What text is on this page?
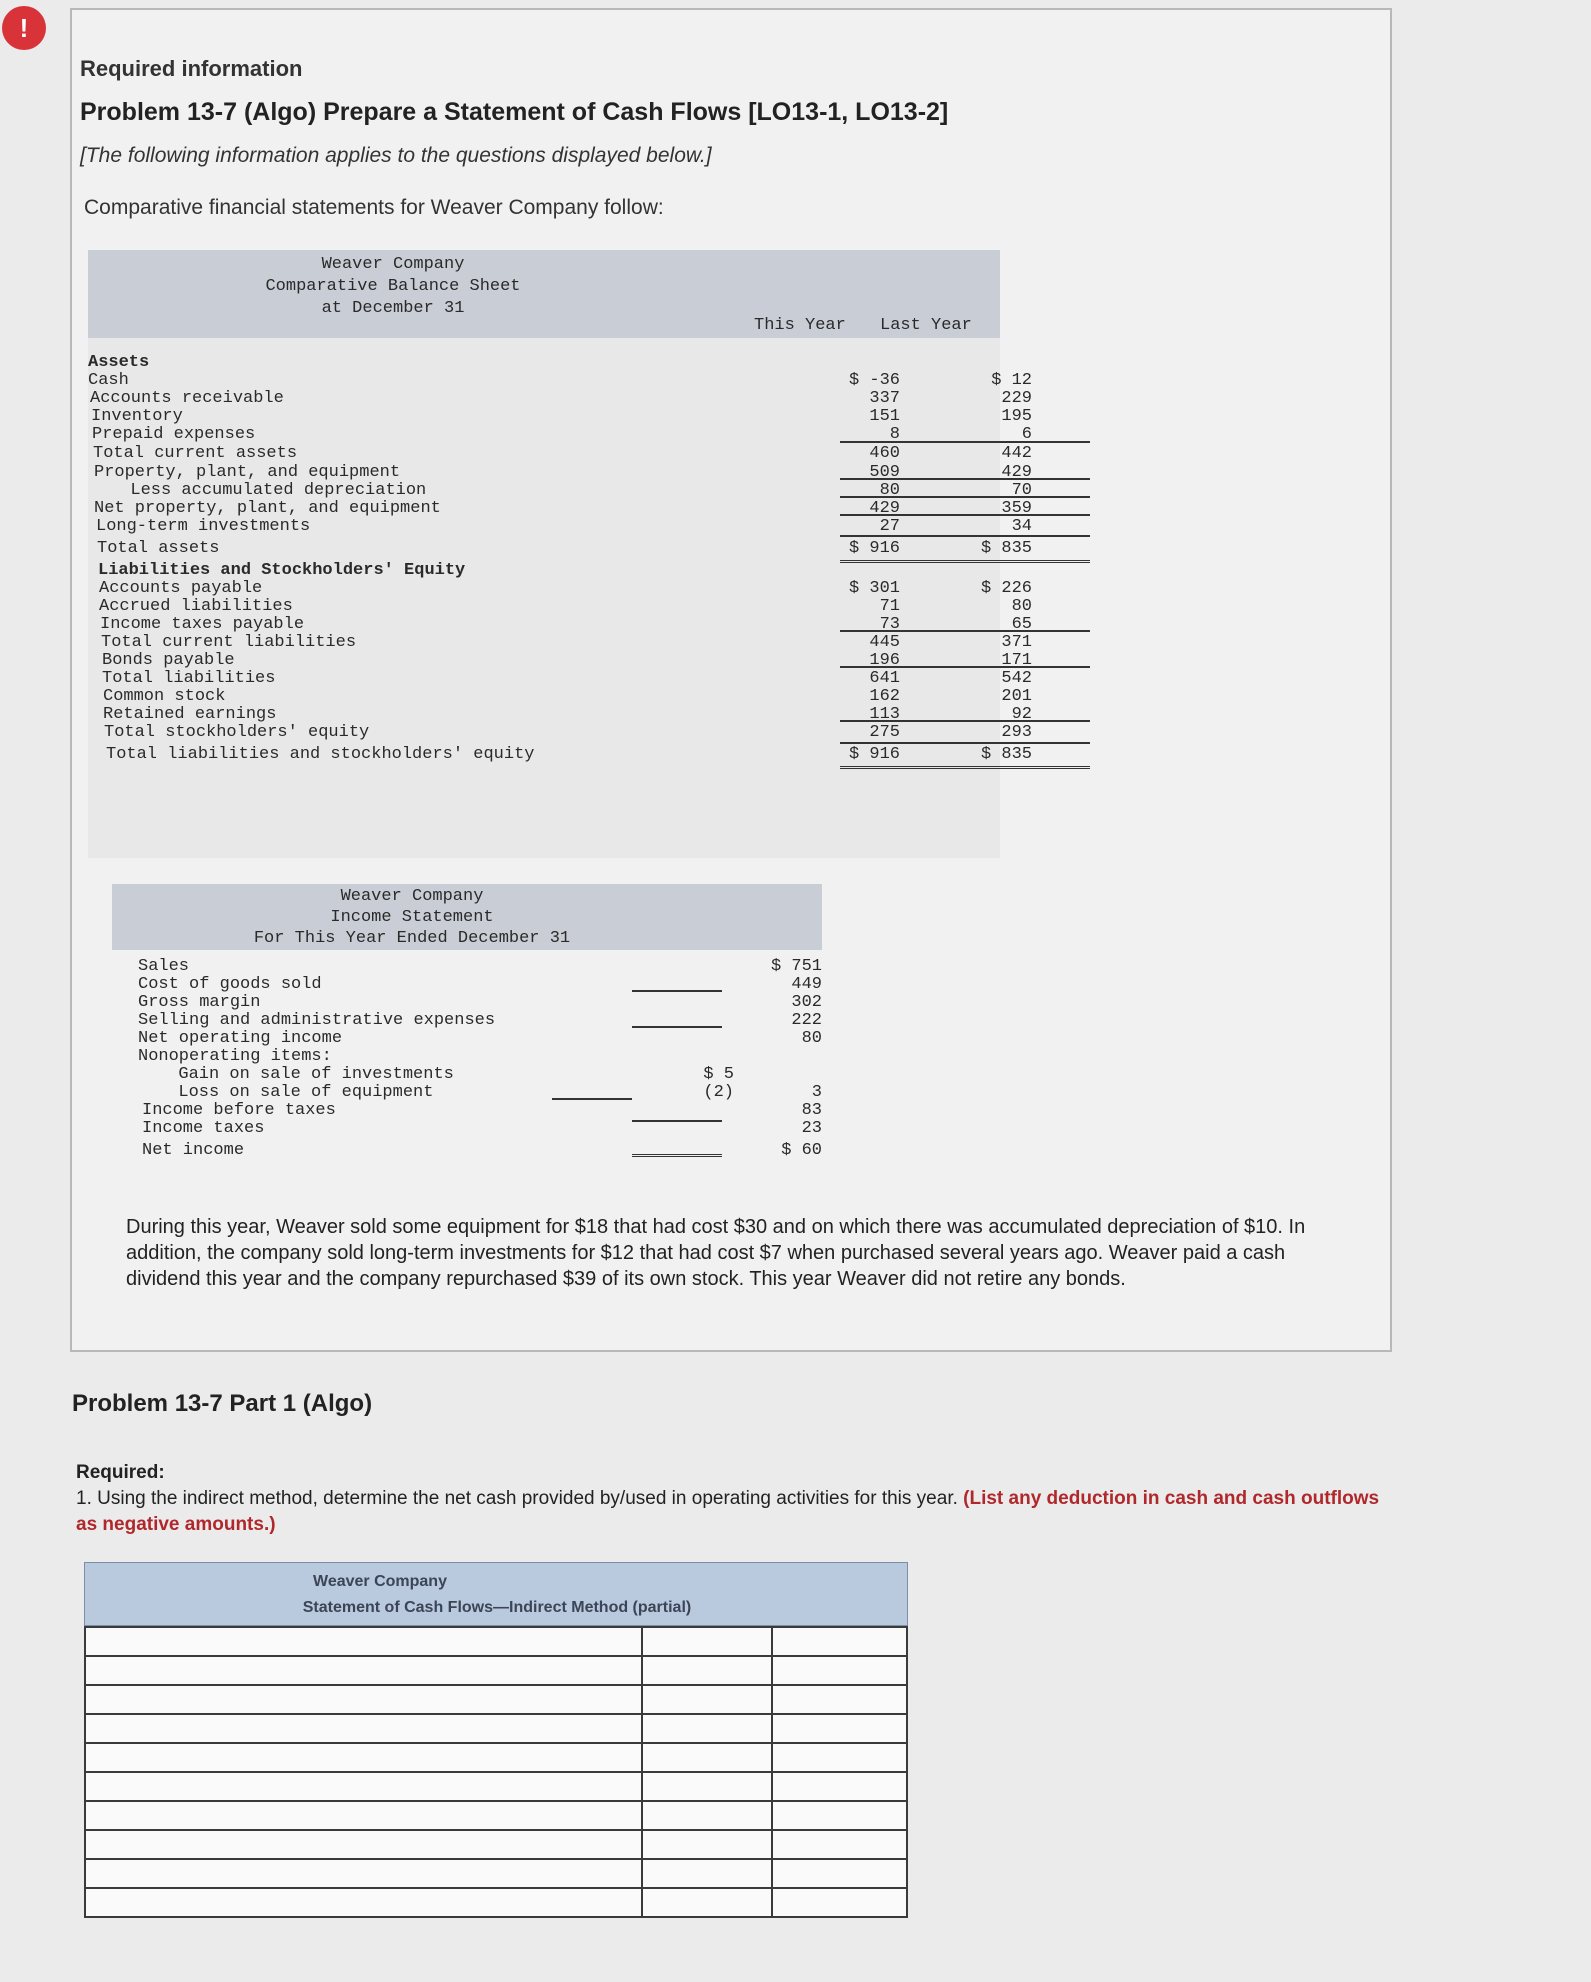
!
Required information
Problem 13-7 (Algo) Prepare a Statement of Cash Flows [LO13-1, LO13-2]
[The following information applies to the questions displayed below.]
Comparative financial statements for Weaver Company follow:
Weaver Company
Comparative Balance Sheet
at December 31
This Year Last Year
Assets
Cash	$ -36	$ 12
Accounts receivable	337	229
Inventory	151	195
Prepaid expenses	8	6
Total current assets	460	442
Property, plant, and equipment	509	429
Less accumulated depreciation	80	70
Net property, plant, and equipment	429	359
Long-term investments	27	34
Total assets	$ 916	$ 835
Liabilities and Stockholders' Equity
Accounts payable	$ 301	$ 226
Accrued liabilities	71	80
Income taxes payable	73	65
Total current liabilities	445	371
Bonds payable	196	171
Total liabilities	641	542
Common stock	162	201
Retained earnings	113	92
Total stockholders' equity	275	293
Total liabilities and stockholders' equity	$ 916	$ 835
Weaver Company
Income Statement
For This Year Ended December 31
Sales	$ 751
Cost of goods sold	449
Gross margin	302
Selling and administrative expenses	222
Net operating income	80
Nonoperating items:
Gain on sale of investments	$ 5
Loss on sale of equipment	(2)	3
Income before taxes	83
Income taxes	23
Net income	$ 60
During this year, Weaver sold some equipment for $18 that had cost $30 and on which there was accumulated depreciation of $10. In addition, the company sold long-term investments for $12 that had cost $7 when purchased several years ago. Weaver paid a cash dividend this year and the company repurchased $39 of its own stock. This year Weaver did not retire any bonds.
Problem 13-7 Part 1 (Algo)
Required:
1. Using the indirect method, determine the net cash provided by/used in operating activities for this year. (List any deduction in cash and cash outflows as negative amounts.)
Weaver Company
Statement of Cash Flows—Indirect Method (partial)
